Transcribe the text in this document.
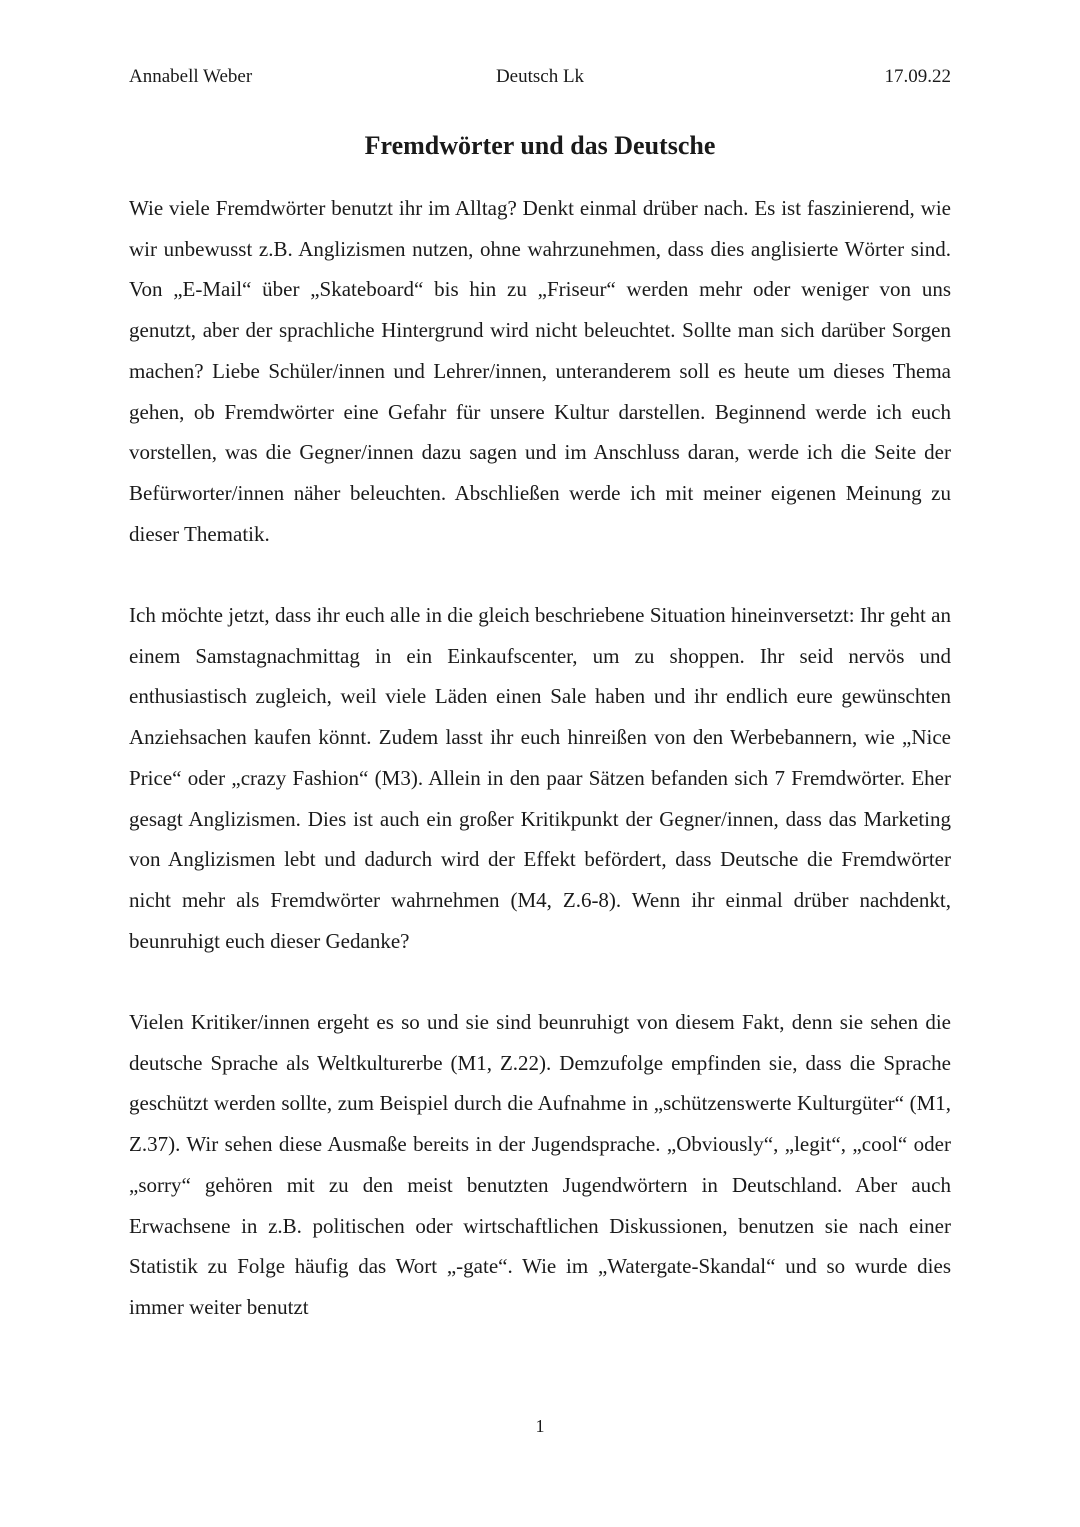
Annabell Weber	Deutsch Lk	17.09.22
Fremdwörter und das Deutsche

Wie viele Fremdwörter benutzt ihr im Alltag? Denkt einmal drüber nach. Es ist faszinierend, wie wir unbewusst z.B. Anglizismen nutzen, ohne wahrzunehmen, dass dies anglisierte Wörter sind. Von „E-Mail“ über „Skateboard“ bis hin zu „Friseur“ werden mehr oder weniger von uns genutzt, aber der sprachliche Hintergrund wird nicht beleuchtet. Sollte man sich darüber Sorgen machen? Liebe Schüler/innen und Lehrer/innen, unteranderem soll es heute um dieses Thema gehen, ob Fremdwörter eine Gefahr für unsere Kultur darstellen. Beginnend werde ich euch vorstellen, was die Gegner/innen dazu sagen und im Anschluss daran, werde ich die Seite der Befürworter/innen näher beleuchten. Abschließen werde ich mit meiner eigenen Meinung zu dieser Thematik.

Ich möchte jetzt, dass ihr euch alle in die gleich beschriebene Situation hineinversetzt: Ihr geht an einem Samstagnachmittag in ein Einkaufscenter, um zu shoppen. Ihr seid nervös und enthusiastisch zugleich, weil viele Läden einen Sale haben und ihr endlich eure gewünschten Anziehsachen kaufen könnt. Zudem lasst ihr euch hinreißen von den Werbebannern, wie „Nice Price“ oder „crazy Fashion“ (M3). Allein in den paar Sätzen befanden sich 7 Fremdwörter. Eher gesagt Anglizismen. Dies ist auch ein großer Kritikpunkt der Gegner/innen, dass das Marketing von Anglizismen lebt und dadurch wird der Effekt befördert, dass Deutsche die Fremdwörter nicht mehr als Fremdwörter wahrnehmen (M4, Z.6-8). Wenn ihr einmal drüber nachdenkt, beunruhigt euch dieser Gedanke?

Vielen Kritiker/innen ergeht es so und sie sind beunruhigt von diesem Fakt, denn sie sehen die deutsche Sprache als Weltkulturerbe (M1, Z.22). Demzufolge empfinden sie, dass die Sprache geschützt werden sollte, zum Beispiel durch die Aufnahme in „schützenswerte Kulturgüter“ (M1, Z.37). Wir sehen diese Ausmaße bereits in der Jugendsprache. „Obviously“, „legit“, „cool“ oder „sorry“ gehören mit zu den meist benutzten Jugendwörtern in Deutschland. Aber auch Erwachsene in z.B. politischen oder wirtschaftlichen Diskussionen, benutzen sie nach einer Statistik zu Folge häufig das Wort „-gate“. Wie im „Watergate-Skandal“ und so wurde dies immer weiter benutzt

1
